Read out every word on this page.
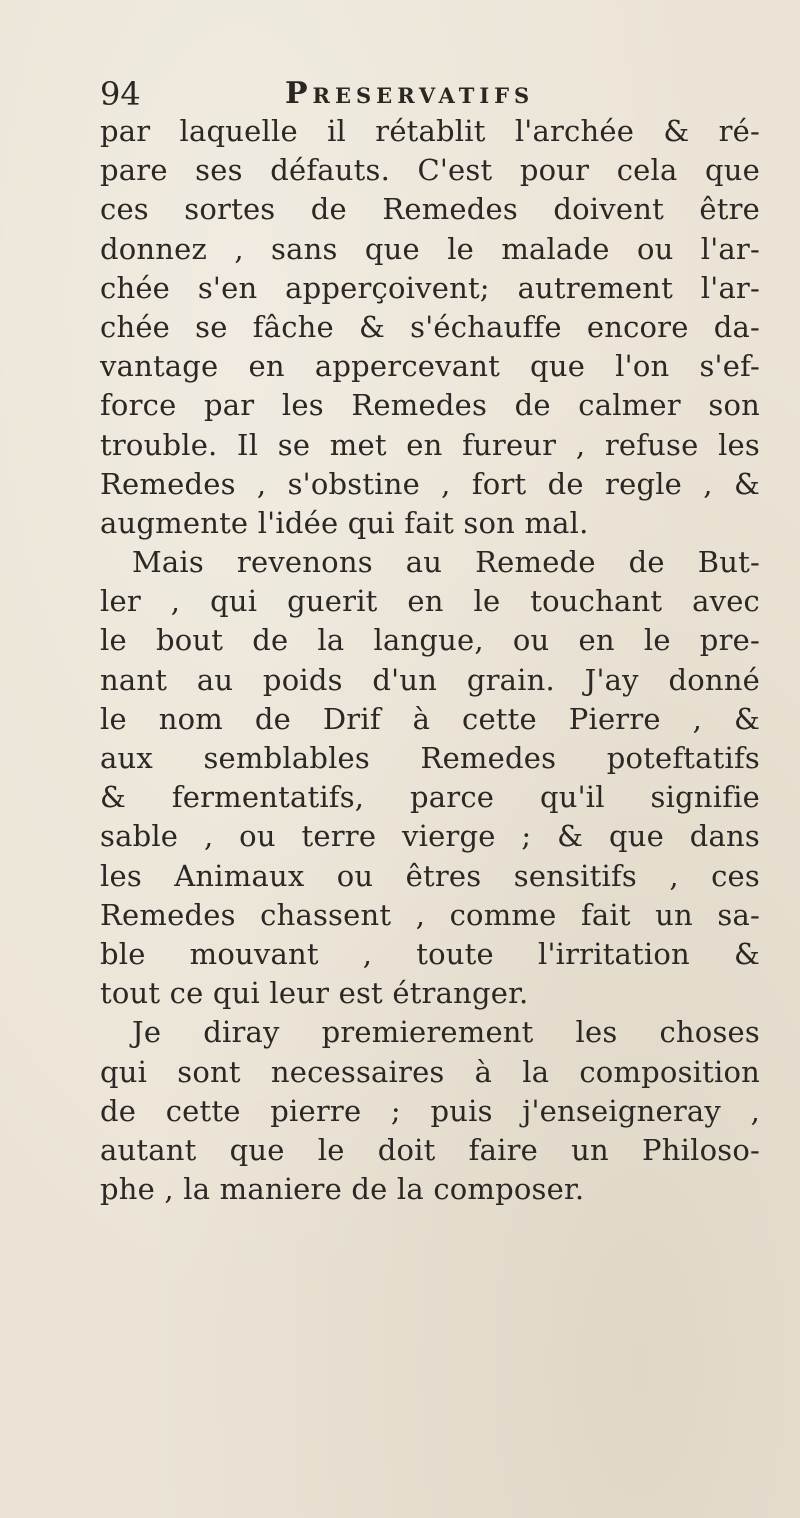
94	Preservatifs
par laquelle il rétablit l'archée & ré-
pare ses défauts. C'est pour cela que
ces sortes de Remedes doivent être
donnez , sans que le malade ou l'ar-
chée s'en apperçoivent; autrement l'ar-
chée se fâche & s'échauffe encore da-
vantage en appercevant que l'on s'ef-
force par les Remedes de calmer son
trouble. Il se met en fureur , refuse les
Remedes , s'obstine , fort de regle , &
augmente l'idée qui fait son mal.
Mais revenons au Remede de But-
ler , qui guerit en le touchant avec
le bout de la langue, ou en le pre-
nant au poids d'un grain. J'ay donné
le nom de Drif à cette Pierre , &
aux semblables Remedes poteftatifs
& fermentatifs, parce qu'il signifie
sable , ou terre vierge ; & que dans
les Animaux ou êtres sensitifs , ces
Remedes chassent , comme fait un sa-
ble mouvant , toute l'irritation &
tout ce qui leur est étranger.
Je diray premierement les choses
qui sont necessaires à la composition
de cette pierre ; puis j'enseigneray ,
autant que le doit faire un Philoso-
phe , la maniere de la composer.
